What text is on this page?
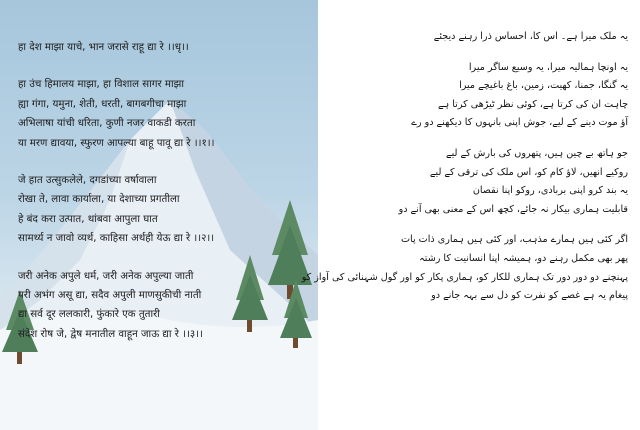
हा देश माझा याचे, भान जरासे राहू द्या रे ।।धृ।।
हा उंच हिमालय माझा, हा विशाल सागर माझा
ह्या गंगा, यमुना, शेती, धरती, बागबगीचा माझा
अभिलाषा यांची धरिता, कुणी नजर वाकडी करता
या मरण द्यावया, स्फुरण आपल्या बाहू पावू द्या रे ।।१।।
जे हात उत्सुकलेले, दगडांच्या वर्षावाला
रोखा ते, लावा कार्याला, या देशाच्या प्रगतीला
हे बंद करा उत्पात, थांबवा आपुला घात
सामर्थ्य न जावो व्यर्थ, काहिसा अर्थही येऊ द्या रे ।।२।।
जरी अनेक अपुले धर्म, जरी अनेक अपुल्या जाती
परी अभंग असू द्या, सदैव अपुली माणसुकीची नाती
द्या सर्व दूर ललकारी, फुंकारे एक तुतारी
संदेश रोष जे, द्वेष मनातील वाहून जाऊ द्या रे ।।३।।
یہ ملک میرا ہے۔ اس کا، احساس ذرا رہنے دیجئے
یہ اونچا ہمالیہ میرا، یہ وسیع ساگر میرا
یہ گنگا، جمنا، کھیت، زمین، باغ باغیچے میرا
چاہت ان کی کرتا ہے، کوئی نظر ٹیڑھی کرتا ہے
آؤ موت دینے کے لیے، جوش اپنی بانہوں کا دیکھنے دو رے
جو ہاتھ بے چین ہیں، پتھروں کی بارش کے لیے
روکیے انھیں، لاؤ کام کو، اس ملک کی ترقی کے لیے
یہ بند کرو اپنی بربادی، روکو اپنا نقصان
قابلیت ہماری بیکار نہ جائے، کچھ اس کے معنی بھی آنے دو
اگر کئی ہیں ہمارے مذہب، اور کئی ہیں ہماری ذات پات
پھر بھی مکمل رہنے دو، ہمیشہ اپنا انسانیت کا رشتہ
پہنچنے دو دور دور تک ہماری للکار کو، ہماری پکار کو اور گول شہنائی کی آواز کو
پیغام یہ ہے غصے کو نفرت کو دل سے بہہ جانے دو
